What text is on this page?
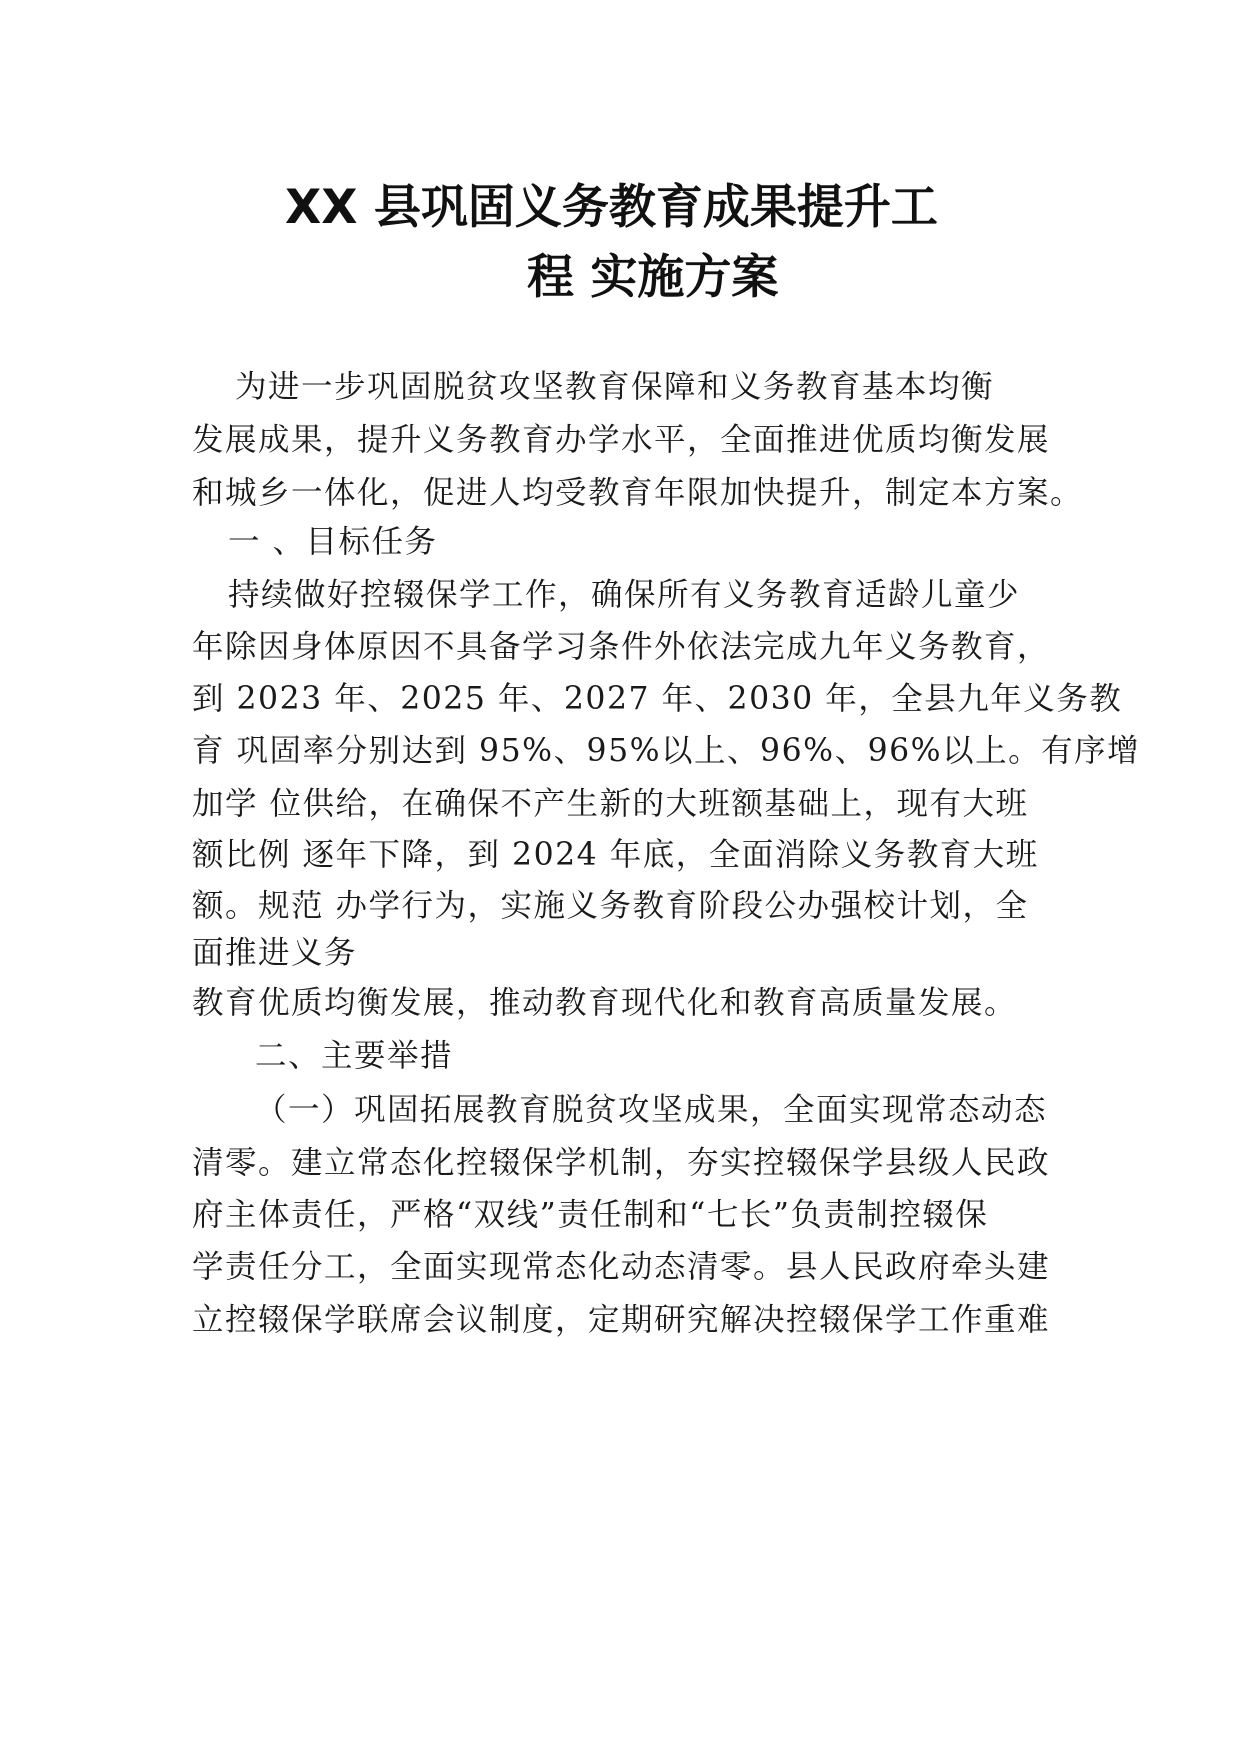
XX 县巩固义务教育成果提升工
程 实施方案
为进一步巩固脱贫攻坚教育保障和义务教育基本均衡
发展成果，提升义务教育办学水平，全面推进优质均衡发展
和城乡一体化，促进人均受教育年限加快提升，制定本方案。
一 、目标任务
持续做好控辍保学工作，确保所有义务教育适龄儿童少
年除因身体原因不具备学习条件外依法完成九年义务教育，
到 2023 年、2025 年、2027 年、2030 年，全县九年义务教
育 巩固率分别达到 95%、95%以上、96%、96%以上。有序增
加学 位供给，在确保不产生新的大班额基础上，现有大班
额比例 逐年下降，到 2024 年底，全面消除义务教育大班
额。规范 办学行为，实施义务教育阶段公办强校计划，全
面推进义务
教育优质均衡发展，推动教育现代化和教育高质量发展。
二、主要举措
（一）巩固拓展教育脱贫攻坚成果，全面实现常态动态
清零。建立常态化控辍保学机制，夯实控辍保学县级人民政
府主体责任，严格“双线”责任制和“七长”负责制控辍保
学责任分工，全面实现常态化动态清零。县人民政府牵头建
立控辍保学联席会议制度，定期研究解决控辍保学工作重难
